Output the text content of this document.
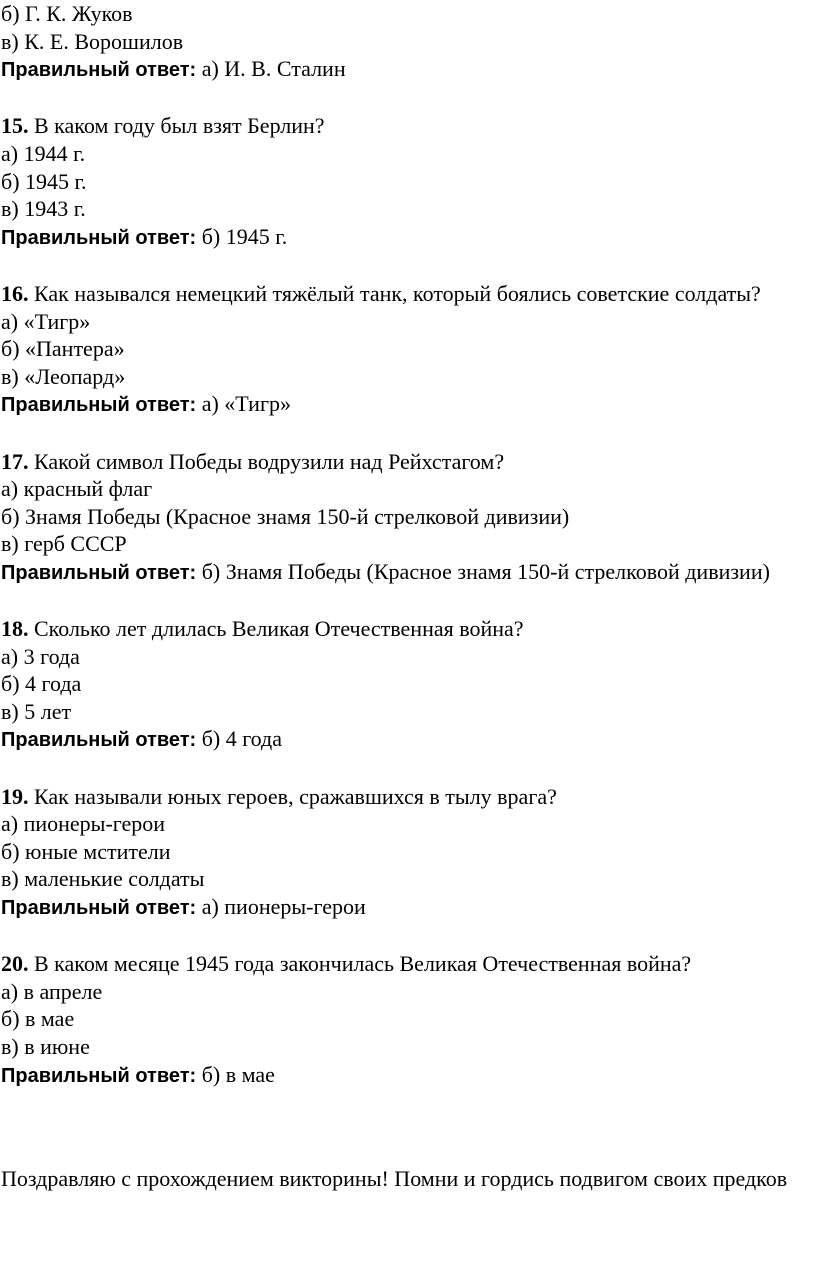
б) Г. К. Жуков
в) К. Е. Ворошилов
Правильный ответ: а) И. В. Сталин
15. В каком году был взят Берлин?
а) 1944 г.
б) 1945 г.
в) 1943 г.
Правильный ответ: б) 1945 г.
16. Как назывался немецкий тяжёлый танк, который боялись советские солдаты?
а) «Тигр»
б) «Пантера»
в) «Леопард»
Правильный ответ: а) «Тигр»
17. Какой символ Победы водрузили над Рейхстагом?
а) красный флаг
б) Знамя Победы (Красное знамя 150-й стрелковой дивизии)
в) герб СССР
Правильный ответ: б) Знамя Победы (Красное знамя 150-й стрелковой дивизии)
18. Сколько лет длилась Великая Отечественная война?
а) 3 года
б) 4 года
в) 5 лет
Правильный ответ: б) 4 года
19. Как называли юных героев, сражавшихся в тылу врага?
а) пионеры-герои
б) юные мстители
в) маленькие солдаты
Правильный ответ: а) пионеры-герои
20. В каком месяце 1945 года закончилась Великая Отечественная война?
а) в апреле
б) в мае
в) в июне
Правильный ответ: б) в мае
Поздравляю с прохождением викторины! Помни и гордись подвигом своих предков
